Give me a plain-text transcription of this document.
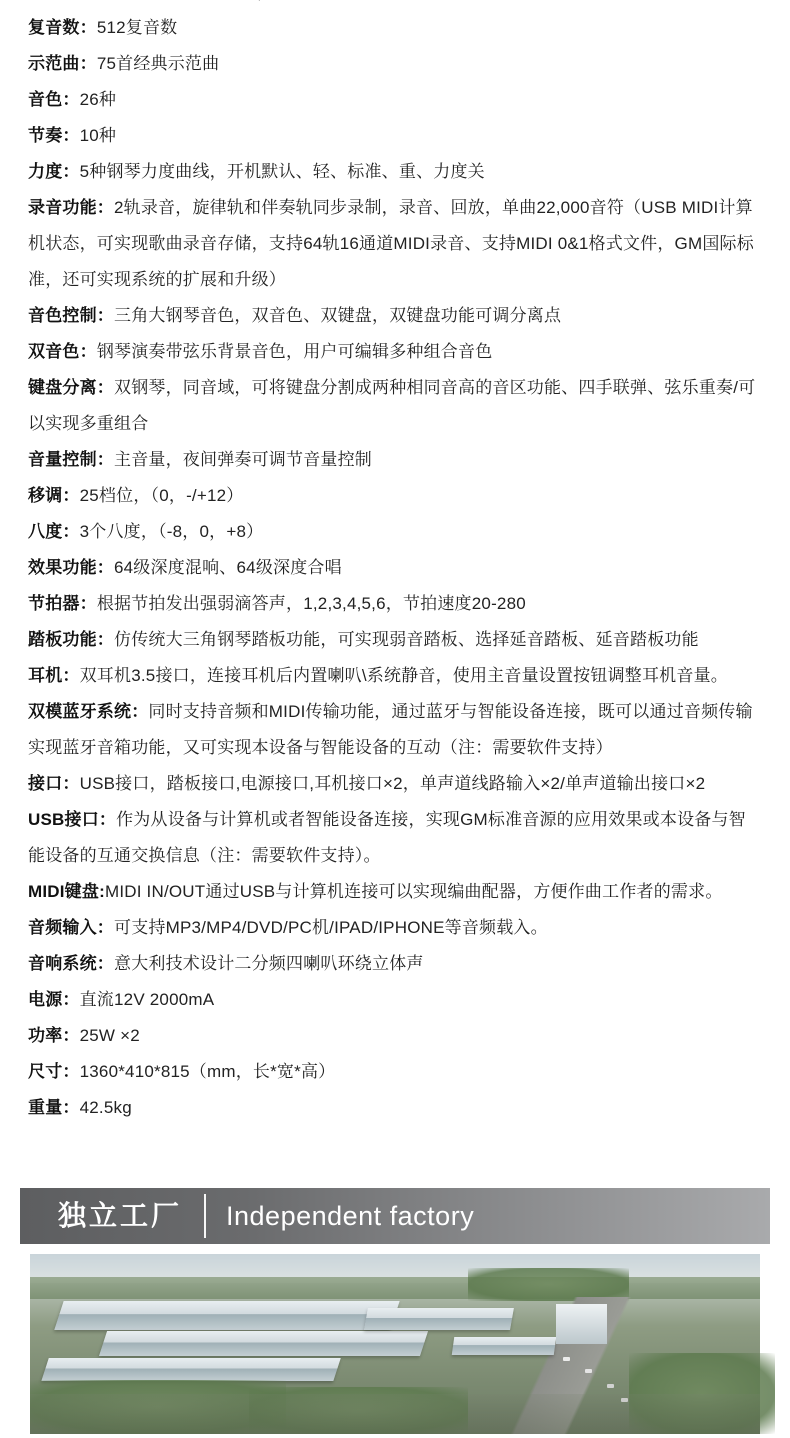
复音数：512复音数
示范曲：75首经典示范曲
音色：26种
节奏：10种
力度：5种钢琴力度曲线，开机默认、轻、标准、重、力度关
录音功能：2轨录音，旋律轨和伴奏轨同步录制，录音、回放，单曲22,000音符（USB MIDI计算机状态，可实现歌曲录音存储，支持64轨16通道MIDI录音、支持MIDI 0&1格式文件，GM国际标准，还可实现系统的扩展和升级）
音色控制：三角大钢琴音色，双音色、双键盘，双键盘功能可调分离点
双音色：钢琴演奏带弦乐背景音色，用户可编辑多种组合音色
键盘分离：双钢琴，同音域，可将键盘分割成两种相同音高的音区功能、四手联弹、弦乐重奏/可以实现多重组合
音量控制：主音量，夜间弹奏可调节音量控制
移调：25档位，（0，-/+12）
八度：3个八度，（-8，0，+8）
效果功能：64级深度混响、64级深度合唱
节拍器：根据节拍发出强弱滴答声，1,2,3,4,5,6，节拍速度20-280
踏板功能：仿传统大三角钢琴踏板功能，可实现弱音踏板、选择延音踏板、延音踏板功能
耳机：双耳机3.5接口，连接耳机后内置喇叭\系统静音，使用主音量设置按钮调整耳机音量。
双模蓝牙系统：同时支持音频和MIDI传输功能，通过蓝牙与智能设备连接，既可以通过音频传输实现蓝牙音箱功能，又可实现本设备与智能设备的互动（注：需要软件支持）
接口：USB接口，踏板接口,电源接口,耳机接口×2，单声道线路输入×2/单声道输出接口×2
USB接口：作为从设备与计算机或者智能设备连接，实现GM标准音源的应用效果或本设备与智能设备的互通交换信息（注：需要软件支持）。
MIDI键盘:MIDI IN/OUT通过USB与计算机连接可以实现编曲配器，方便作曲工作者的需求。
音频输入：可支持MP3/MP4/DVD/PC机/IPAD/IPHONE等音频载入。
音响系统：意大利技术设计二分频四喇叭环绕立体声
电源：直流12V 2000mA
功率：25W ×2
尺寸：1360*410*815（mm，长*宽*高）
重量：42.5kg
独立工厂	Independent factory
